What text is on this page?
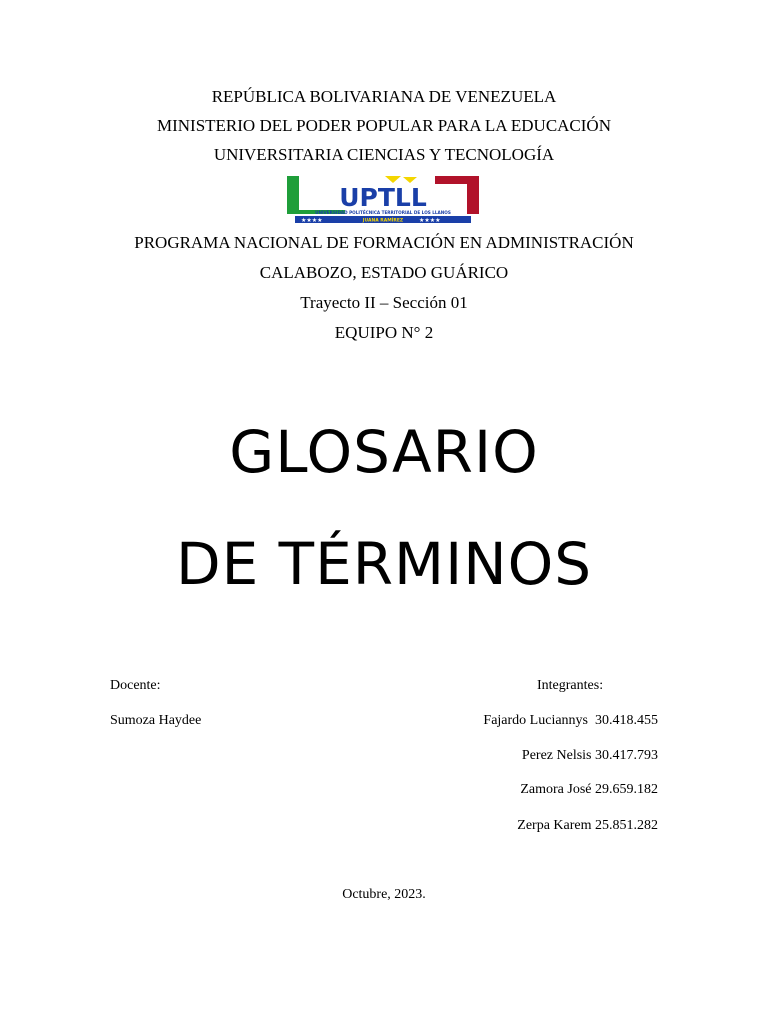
REPÚBLICA BOLIVARIANA DE VENEZUELA
MINISTERIO DEL PODER POPULAR PARA LA EDUCACIÓN
UNIVERSITARIA CIENCIAS Y TECNOLOGÍA
UPTLL
UNIVERSIDAD POLITÉCNICA TERRITORIAL DE LOS LLANOS
JUANA RAMÍREZ
★★★★	★★★★
PROGRAMA NACIONAL DE FORMACIÓN EN ADMINISTRACIÓN
CALABOZO, ESTADO GUÁRICO
Trayecto II – Sección 01
EQUIPO N° 2
GLOSARIO
DE TÉRMINOS
Docente:
Sumoza Haydee
Integrantes:
Fajardo Luciannys  30.418.455
Perez Nelsis 30.417.793
Zamora José 29.659.182
Zerpa Karem 25.851.282
Octubre, 2023.
